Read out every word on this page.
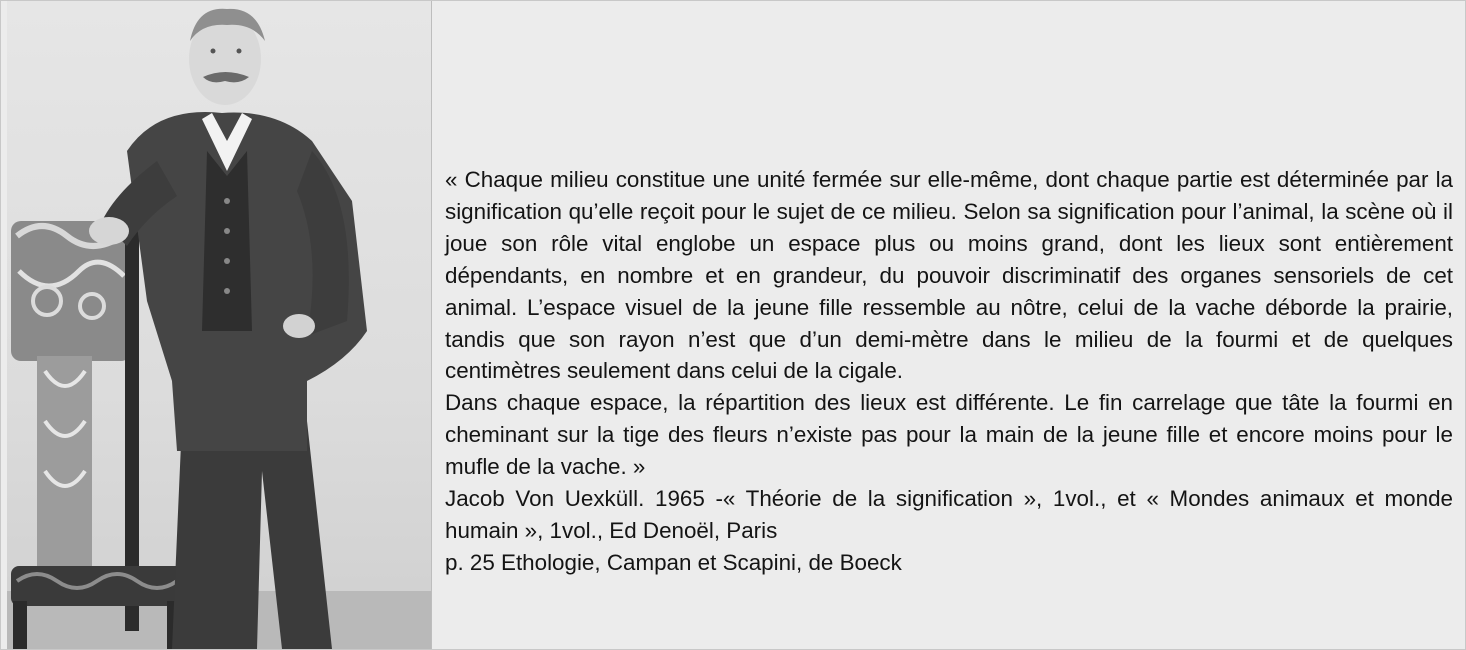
« Chaque milieu constitue une unité fermée sur elle-même, dont chaque partie est déterminée par la signification qu’elle reçoit pour le sujet de ce milieu. Selon sa signification pour l’animal, la scène où il joue son rôle vital englobe un espace plus ou moins grand, dont les lieux sont entièrement dépendants, en nombre et en grandeur, du pouvoir discriminatif des organes sensoriels de cet animal. L’espace visuel de la jeune fille ressemble au nôtre, celui de la vache déborde la prairie, tandis que son rayon n’est que d’un demi-mètre dans le milieu de la fourmi et de quelques centimètres seulement dans celui de la cigale.

Dans chaque espace, la répartition des lieux est différente. Le fin carrelage que tâte la fourmi en cheminant sur la tige des fleurs n’existe pas pour la main de la jeune fille et encore moins pour le mufle de la vache. »

Jacob Von Uexküll. 1965 -« Théorie de la signification », 1vol., et « Mondes animaux et monde humain », 1vol., Ed Denoël, Paris

p. 25 Ethologie, Campan et Scapini, de Boeck
